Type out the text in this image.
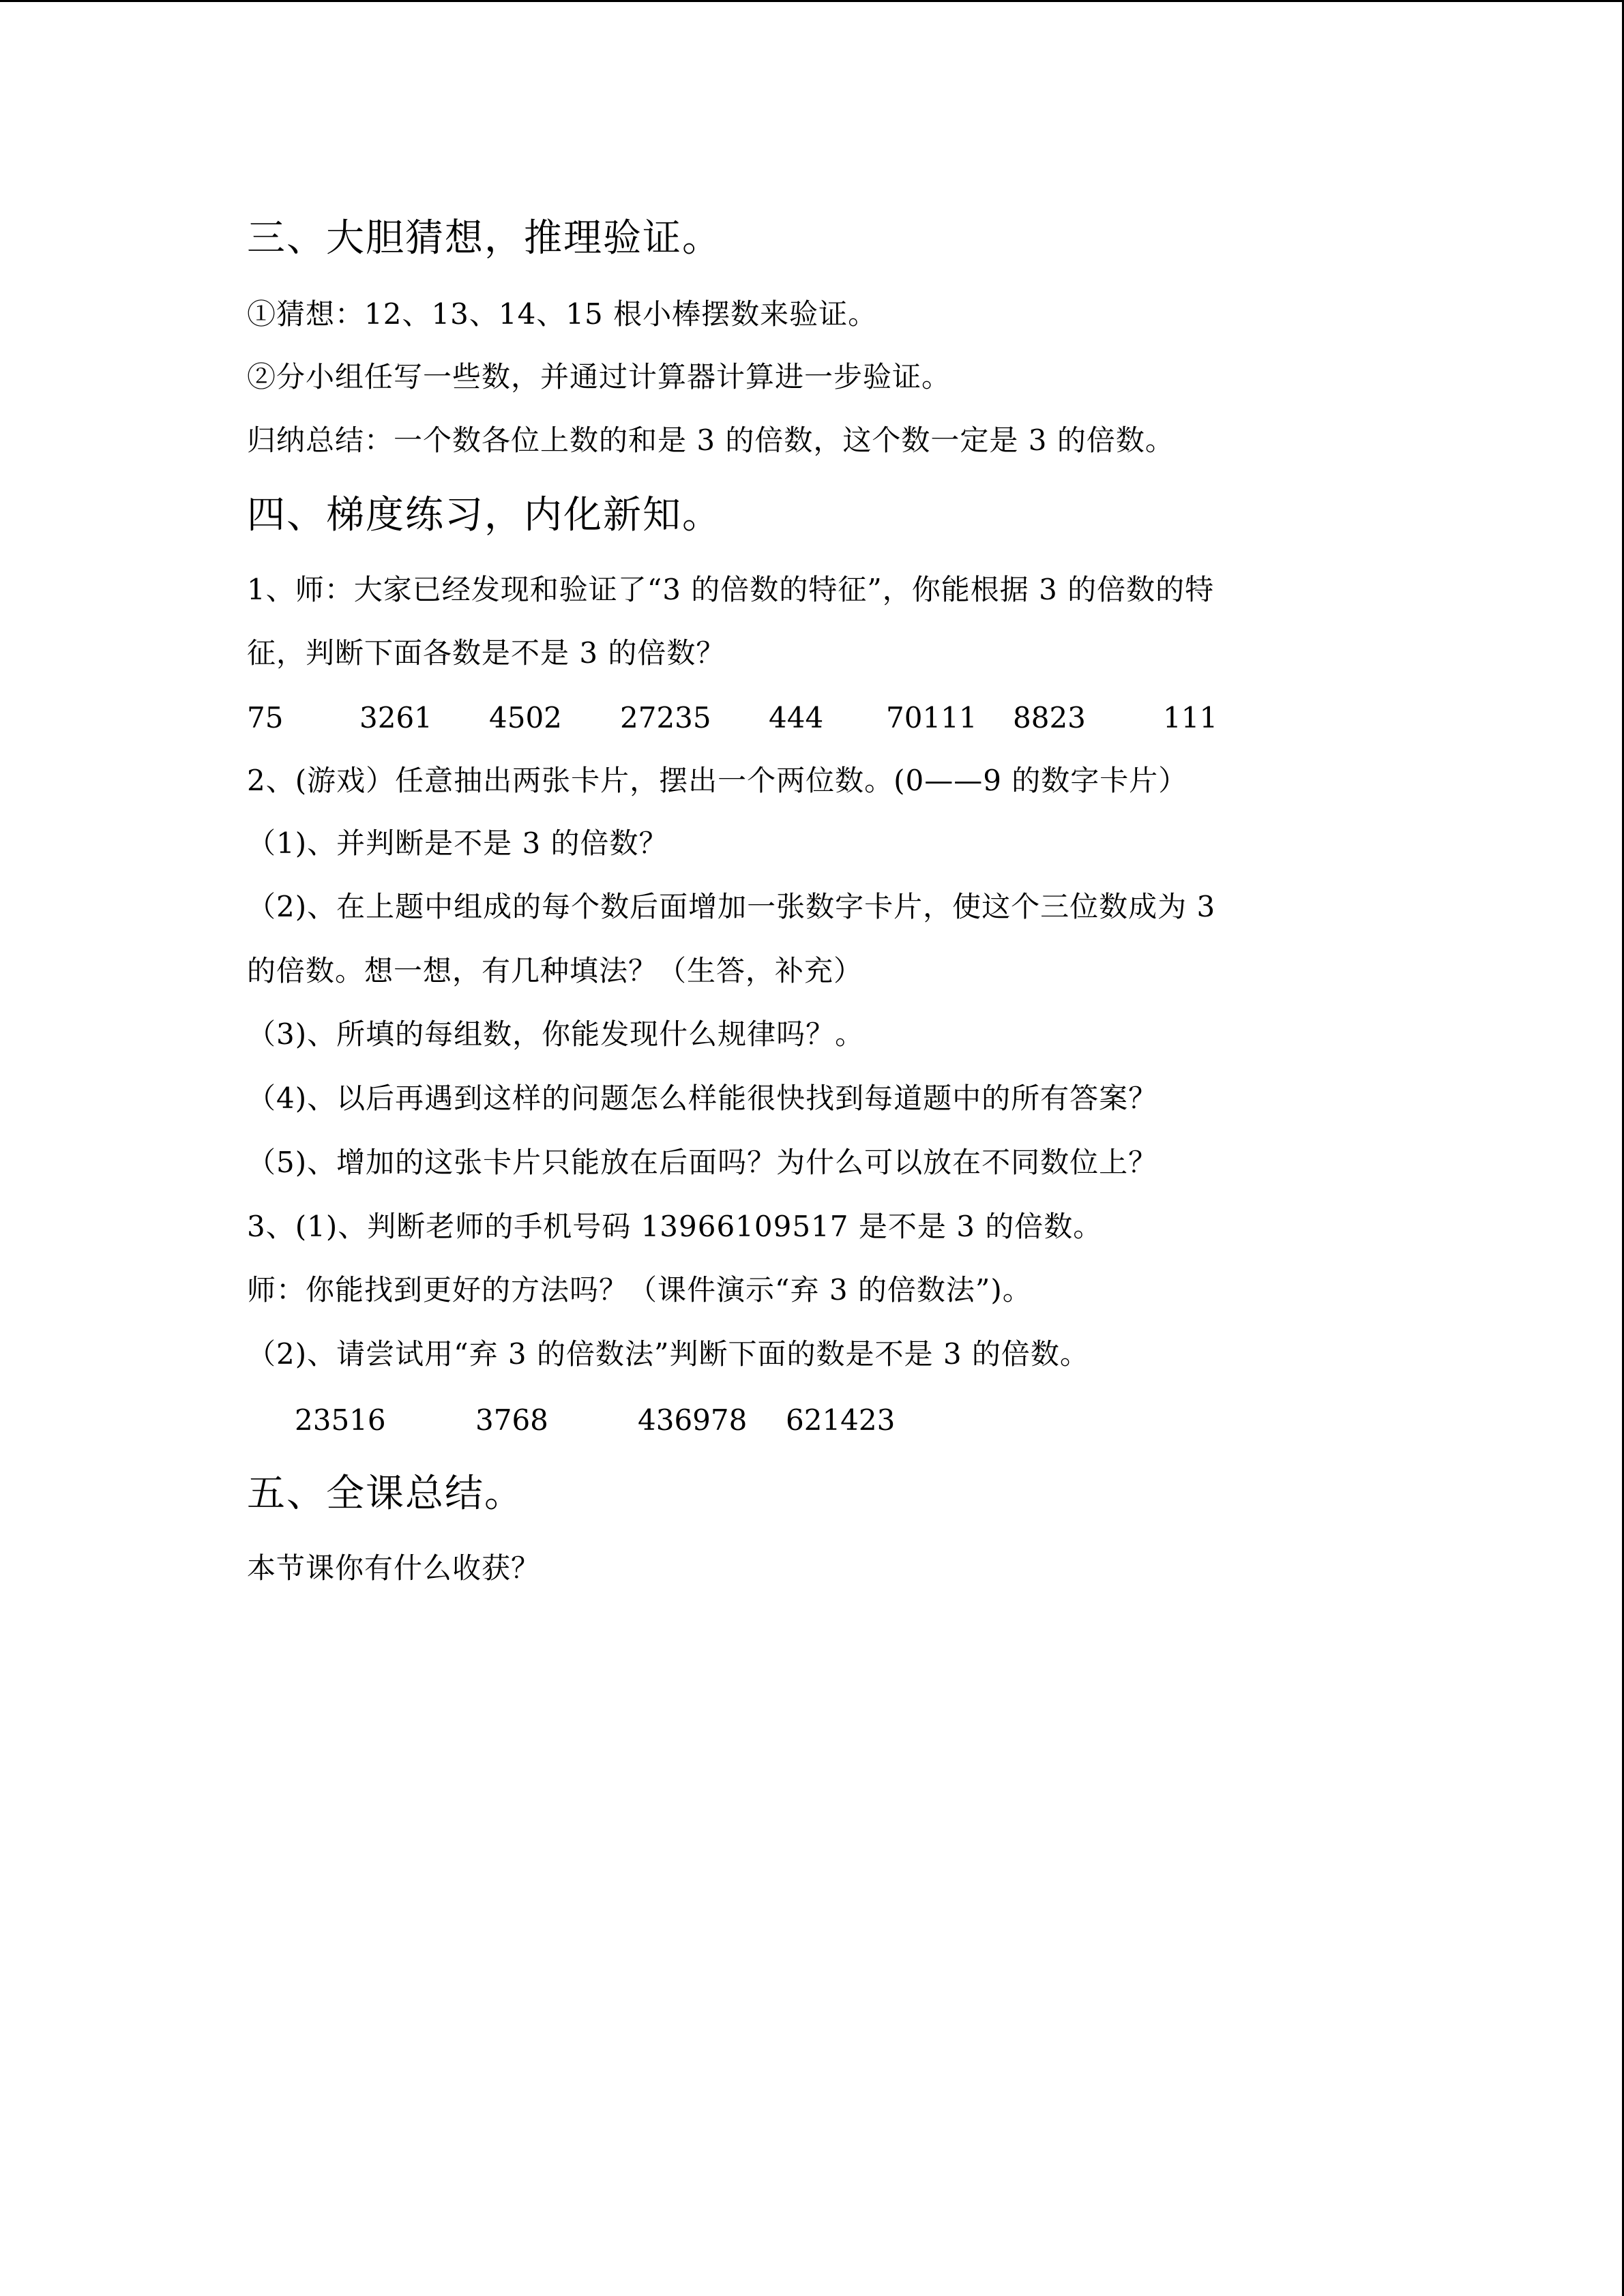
三、大胆猜想，推理验证。
①猜想：12、13、14、15 根小棒摆数来验证。
②分小组任写一些数，并通过计算器计算进一步验证。
归纳总结：一个数各位上数的和是 3 的倍数，这个数一定是 3 的倍数。
四、梯度练习，内化新知。
1、师：大家已经发现和验证了“3 的倍数的特征”，你能根据 3 的倍数的特
征，判断下面各数是不是 3 的倍数？
75	3261 4502 27235 444 70111 8823	111
2、(游戏）任意抽出两张卡片，摆出一个两位数。(0——9 的数字卡片）
（1)、并判断是不是 3 的倍数？
（2)、在上题中组成的每个数后面增加一张数字卡片，使这个三位数成为 3
的倍数。想一想，有几种填法？（生答，补充）
（3)、所填的每组数，你能发现什么规律吗？。
（4)、以后再遇到这样的问题怎么样能很快找到每道题中的所有答案？
（5)、增加的这张卡片只能放在后面吗？为什么可以放在不同数位上？
3、(1)、判断老师的手机号码 13966109517 是不是 3 的倍数。
师：你能找到更好的方法吗？（课件演示“弃 3 的倍数法”)。
（2)、请尝试用“弃 3 的倍数法”判断下面的数是不是 3 的倍数。
23516	3768	436978 621423
五、全课总结。
本节课你有什么收获？
